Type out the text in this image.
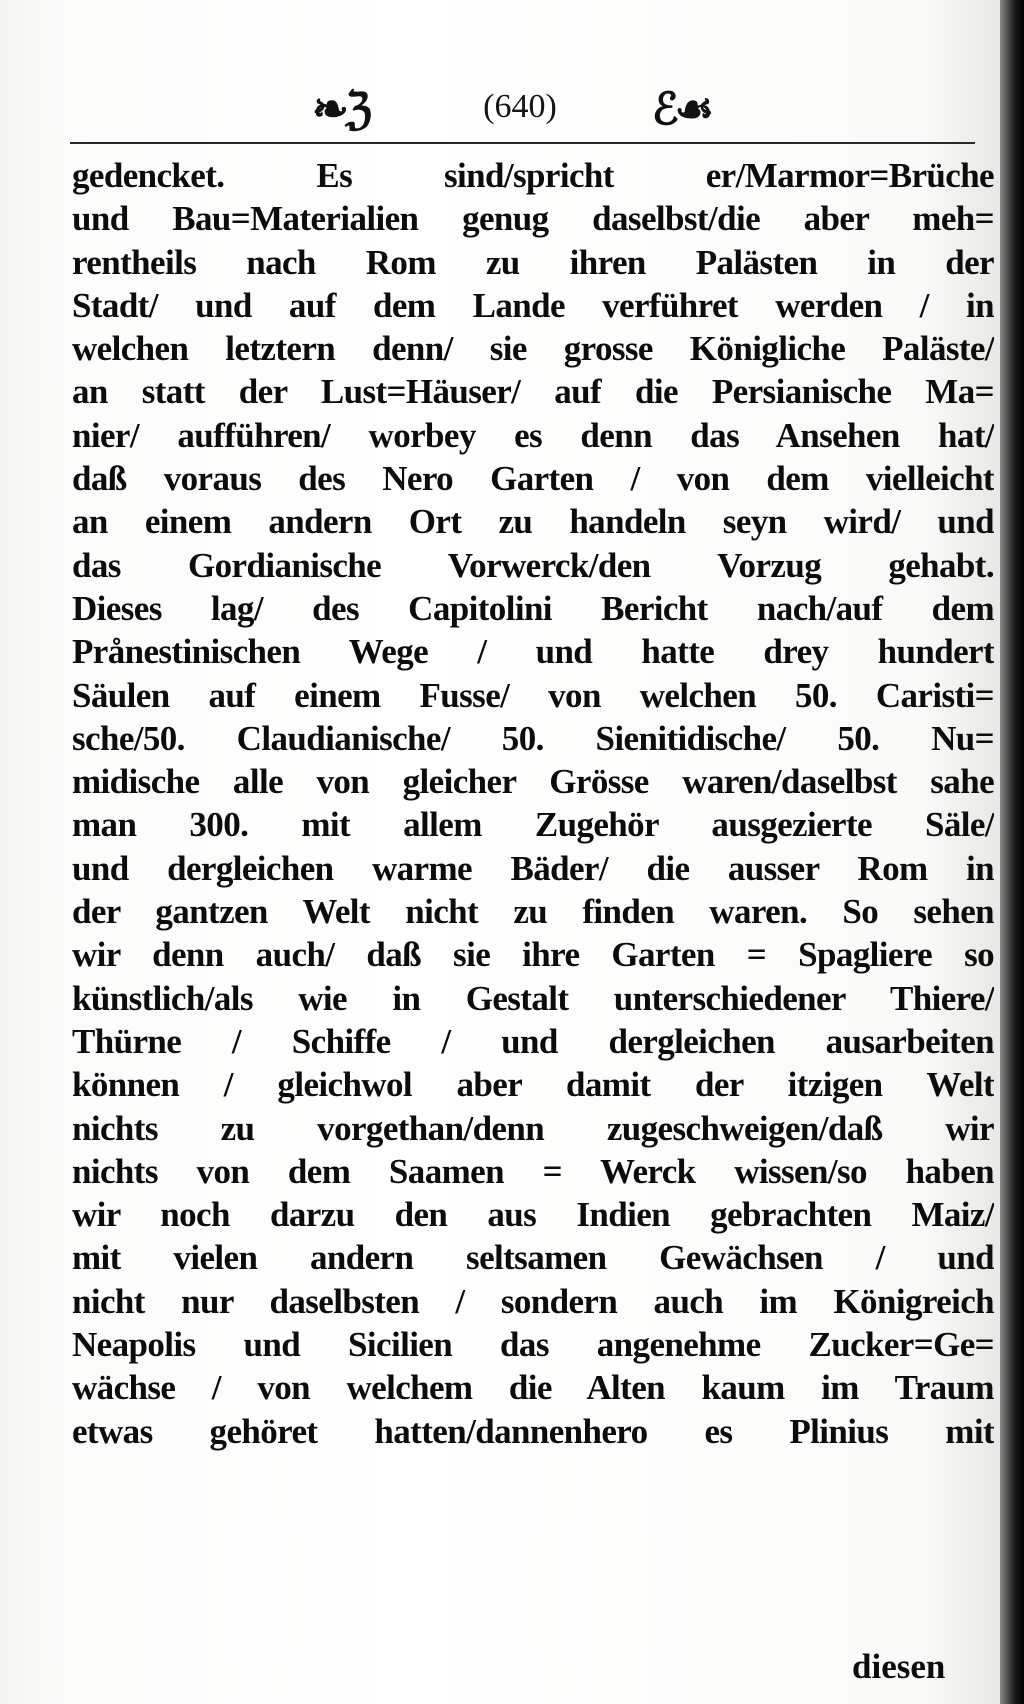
❧ℨ	(640)	ℰ☙
gedencket. Es sind/spricht er/Marmor=Brüche
und Bau=Materialien genug daselbst/die aber meh=
rentheils nach Rom zu ihren Palästen in der
Stadt/ und auf dem Lande verführet werden / in
welchen letztern denn/ sie grosse Königliche Paläste/
an statt der Lust=Häuser/ auf die Persianische Ma=
nier/ aufführen/ worbey es denn das Ansehen hat/
daß voraus des Nero Garten / von dem vielleicht
an einem andern Ort zu handeln seyn wird/ und
das Gordianische Vorwerck/den Vorzug gehabt.
Dieses lag/ des Capitolini Bericht nach/auf dem
Prånestinischen Wege / und hatte drey hundert
Säulen auf einem Fusse/ von welchen 50. Caristi=
sche/50. Claudianische/ 50. Sienitidische/ 50. Nu=
midische alle von gleicher Grösse waren/daselbst sahe
man 300. mit allem Zugehör ausgezierte Säle/
und dergleichen warme Bäder/ die ausser Rom in
der gantzen Welt nicht zu finden waren. So sehen
wir denn auch/ daß sie ihre Garten = Spagliere so
künstlich/als wie in Gestalt unterschiedener Thiere/
Thürne / Schiffe / und dergleichen ausarbeiten
können / gleichwol aber damit der itzigen Welt
nichts zu vorgethan/denn zugeschweigen/daß wir
nichts von dem Saamen = Werck wissen/so haben
wir noch darzu den aus Indien gebrachten Maiz/
mit vielen andern seltsamen Gewächsen / und
nicht nur daselbsten / sondern auch im Königreich
Neapolis und Sicilien das angenehme Zucker=Ge=
wächse / von welchem die Alten kaum im Traum
etwas gehöret hatten/dannenhero es Plinius mit
diesen
